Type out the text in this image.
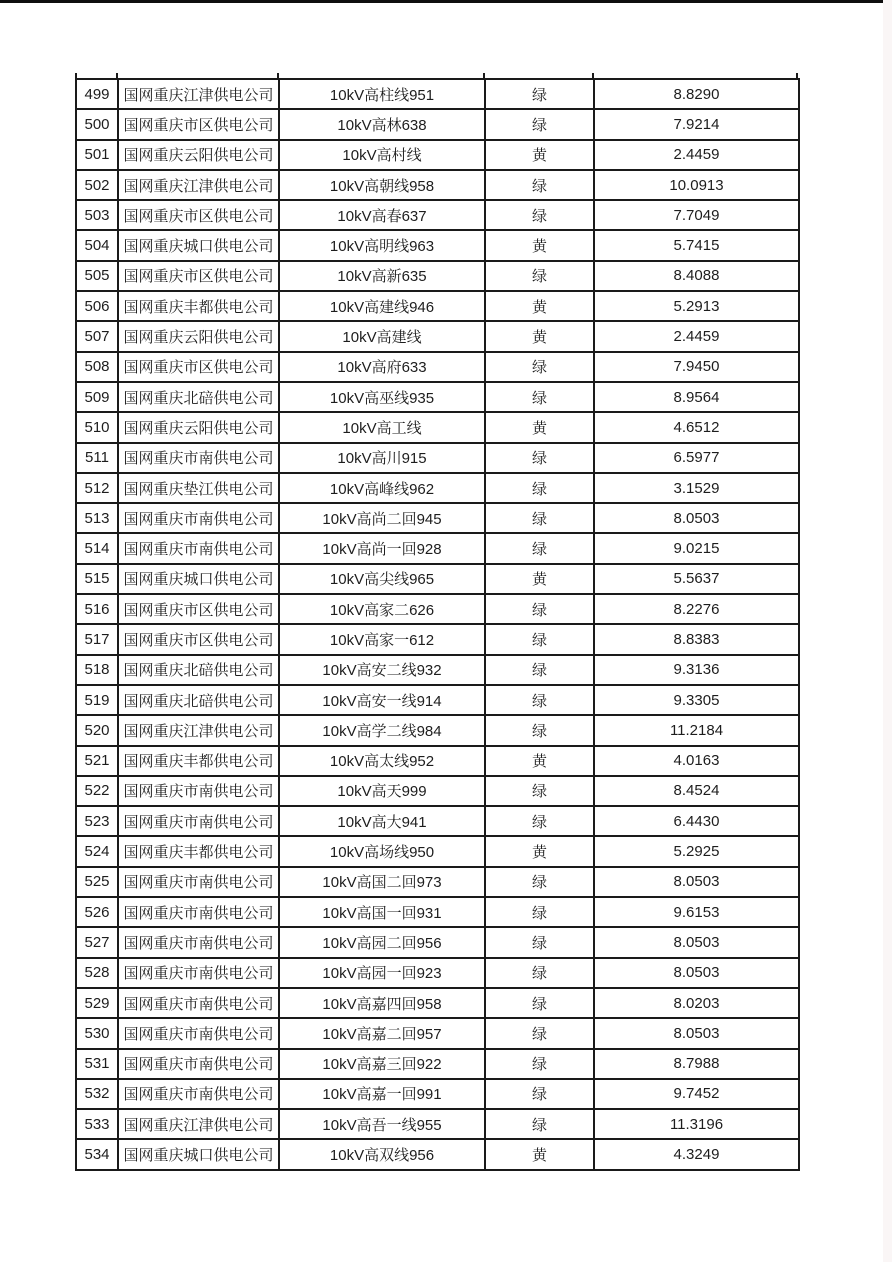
499	国网重庆江津供电公司	10kV高柱线951	绿	8.8290
500	国网重庆市区供电公司	10kV高林638	绿	7.9214
501	国网重庆云阳供电公司	10kV高村线	黄	2.4459
502	国网重庆江津供电公司	10kV高朝线958	绿	10.0913
503	国网重庆市区供电公司	10kV高春637	绿	7.7049
504	国网重庆城口供电公司	10kV高明线963	黄	5.7415
505	国网重庆市区供电公司	10kV高新635	绿	8.4088
506	国网重庆丰都供电公司	10kV高建线946	黄	5.2913
507	国网重庆云阳供电公司	10kV高建线	黄	2.4459
508	国网重庆市区供电公司	10kV高府633	绿	7.9450
509	国网重庆北碚供电公司	10kV高巫线935	绿	8.9564
510	国网重庆云阳供电公司	10kV高工线	黄	4.6512
511	国网重庆市南供电公司	10kV高川915	绿	6.5977
512	国网重庆垫江供电公司	10kV高峰线962	绿	3.1529
513	国网重庆市南供电公司	10kV高尚二回945	绿	8.0503
514	国网重庆市南供电公司	10kV高尚一回928	绿	9.0215
515	国网重庆城口供电公司	10kV高尖线965	黄	5.5637
516	国网重庆市区供电公司	10kV高家二626	绿	8.2276
517	国网重庆市区供电公司	10kV高家一612	绿	8.8383
518	国网重庆北碚供电公司	10kV高安二线932	绿	9.3136
519	国网重庆北碚供电公司	10kV高安一线914	绿	9.3305
520	国网重庆江津供电公司	10kV高学二线984	绿	11.2184
521	国网重庆丰都供电公司	10kV高太线952	黄	4.0163
522	国网重庆市南供电公司	10kV高天999	绿	8.4524
523	国网重庆市南供电公司	10kV高大941	绿	6.4430
524	国网重庆丰都供电公司	10kV高场线950	黄	5.2925
525	国网重庆市南供电公司	10kV高国二回973	绿	8.0503
526	国网重庆市南供电公司	10kV高国一回931	绿	9.6153
527	国网重庆市南供电公司	10kV高园二回956	绿	8.0503
528	国网重庆市南供电公司	10kV高园一回923	绿	8.0503
529	国网重庆市南供电公司	10kV高嘉四回958	绿	8.0203
530	国网重庆市南供电公司	10kV高嘉二回957	绿	8.0503
531	国网重庆市南供电公司	10kV高嘉三回922	绿	8.7988
532	国网重庆市南供电公司	10kV高嘉一回991	绿	9.7452
533	国网重庆江津供电公司	10kV高吾一线955	绿	11.3196
534	国网重庆城口供电公司	10kV高双线956	黄	4.3249
